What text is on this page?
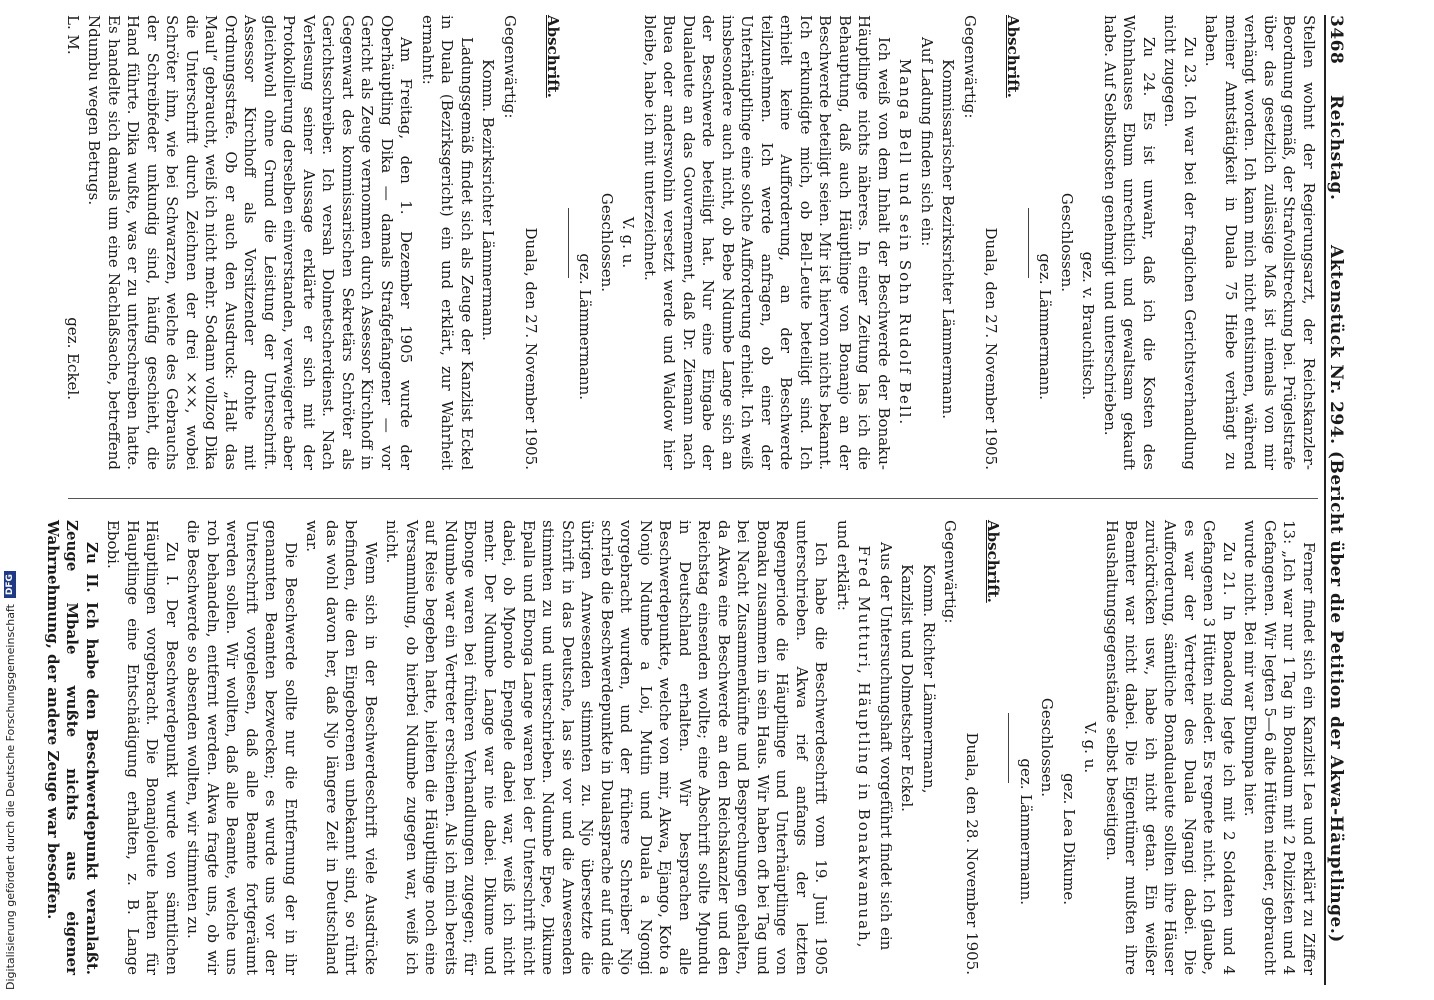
3468
Reichstag.
Aktenstück Nr. 294. (Bericht über die Petition der Akwa-Häuptlinge.)

Stellen wohnt der Regierungsarzt, der Reichskanzler-Beordnung gemäß, der Strafvollstreckung bei. Prügelstrafe über das gesetzlich zulässige Maß ist niemals von mir verhängt worden. Ich kann mich nicht entsinnen, während meiner Amtstätigkeit in Duala 75 Hiebe verhängt zu haben.

Zu 23. Ich war bei der fraglichen Gerichtsverhandlung nicht zugegen.

Zu 24. Es ist unwahr, daß ich die Kosten des Wohnhauses Ebum unrechtlich und gewaltsam gekauft habe. Auf Selbstkosten genehmigt und unterschrieben.

gez. v. Brauchitsch.

Geschlossen.

gez. Lämmermann.

Abschrift.

Duala, den 27. November 1905.

Gegenwärtig:

Kommissarischer Bezirksrichter Lämmermann.

Auf Ladung finden sich ein:

Manga Bell und sein Sohn Rudolf Bell.

Ich weiß von dem Inhalt der Beschwerde der Bonaku-Häuptlinge nichts näheres. In einer Zeitung las ich die Behauptung, daß auch Häuptlinge von Bonanjo an der Beschwerde beteiligt seien. Mir ist hiervon nichts bekannt. Ich erkundigte mich, ob Bell-Leute beteiligt sind. Ich erhielt keine Aufforderung, an der Beschwerde teilzunehmen. Ich werde anfragen, ob einer der Unterhäuptlinge eine solche Aufforderung erhielt. Ich weiß insbesondere auch nicht, ob Bebe Ndumbe Lange sich an der Beschwerde beteiligt hat. Nur eine Eingabe der Dualaleute an das Gouvernement, daß Dr. Ziemann nach Buea oder anderswohin versetzt werde und Waldow hier bleibe, habe ich mit unterzeichnet.

V. g. u.

Geschlossen.

gez. Lämmermann.

Abschrift.

Duala, den 27. November 1905.

Gegenwärtig:

Komm. Bezirksrichter Lämmermann.

Ladungsgemäß findet sich als Zeuge der Kanzlist Eckel in Duala (Bezirksgericht) ein und erklärt, zur Wahrheit ermahnt:

Am Freitag, den 1. Dezember 1905 wurde der Oberhäuptling Dika — damals Strafgefangener — vor Gericht als Zeuge vernommen durch Assessor Kirchhoff in Gegenwart des kommissarischen Sekretärs Schröter als Gerichtsschreiber. Ich versah Dolmetscherdienst. Nach Verlesung seiner Aussage erklärte er sich mit der Protokollierung derselben einverstanden, verweigerte aber gleichwohl ohne Grund die Leistung der Unterschrift. Assessor Kirchhoff als Vorsitzender drohte mit Ordnungsstrafe. Ob er auch den Ausdruck: „Halt das Maul“ gebraucht, weiß ich nicht mehr. Sodann vollzog Dika die Unterschrift durch Zeichnen der drei ×××, wobei Schröter ihm, wie bei Schwarzen, welche des Gebrauchs der Schreibfeder unkundig sind, häufig geschieht, die Hand führte. Dika wußte, was er zu unterschreiben hatte. Es handelte sich damals um eine Nachlaßsache, betreffend Ndumbu wegen Betrugs.

L. M.
gez. Eckel.

Ferner findet sich ein Kanzlist Lea und erklärt zu Ziffer 13: „Ich war nur 1 Tag in Bonadum mit 2 Polizisten und 4 Gefangenen. Wir legten 5—6 alte Hütten nieder, gebraucht wurde nicht. Bei mir war Ebumpa hier.

Zu 21. In Bonadong legte ich mit 2 Soldaten und 4 Gefangenen 3 Hütten nieder. Es regnete nicht. Ich glaube, es war der Vertreter des Duala Ngangi dabei. Die Aufforderung, sämtliche Bonadualeute sollten ihre Häuser zurückrücken usw., habe ich nicht getan. Ein weißer Beamter war nicht dabei. Die Eigentümer mußten ihre Haushaltungsgegenstände selbst beseitigen.

V. g. u.

gez. Lea Dikume.

Geschlossen.

gez. Lämmermann.

Abschrift.

Duala, den 28. November 1905.

Gegenwärtig:

Komm. Richter Lämmermann,

Kanzlist und Dolmetscher Eckel.

Aus der Untersuchungshaft vorgeführt findet sich ein

Fred Mutturi, Häuptling in Bonakwamuah,

und erklärt:

Ich habe die Beschwerdeschrift vom 19. Juni 1905 unterschrieben. Akwa rief anfangs der letzten Regenperiode die Häuptlinge und Unterhäuptlinge von Bonaku zusammen in sein Haus. Wir haben oft bei Tag und bei Nacht Zusammenkünfte und Besprechungen gehalten, da Akwa eine Beschwerde an den Reichskanzler und den Reichstag einsenden wollte; eine Abschrift sollte Mpundu in Deutschland erhalten. Wir besprachen alle Beschwerdepunkte, welche von mir, Akwa, Ejango, Koto a Nonjo Ndumbe a Loi, Mutin und Duala a Ngongi vorgebracht wurden, und der frühere Schreiber Njo schrieb die Beschwerdepunkte in Dualasprache auf und die übrigen Anwesenden stimmten zu. Njo übersetzte die Schrift in das Deutsche, las sie vor und die Anwesenden stimmten zu und unterschrieben. Ndumbe Epee, Dikume Epalla und Ebonga Lange waren bei der Unterschrift nicht dabei, ob Mpondo Epengele dabei war, weiß ich nicht mehr. Der Ndumbe Lange war nie dabei. Dikume und Ebonge waren bei früheren Verhandlungen zugegen; für Ndumbe war ein Vertreter erschienen. Als ich mich bereits auf Reise begeben hatte, hielten die Häuptlinge noch eine Versammlung, ob hierbei Ndumbe zugegen war, weiß ich nicht.

Wenn sich in der Beschwerdeschrift viele Ausdrücke befinden, die den Eingeborenen unbekannt sind, so rührt das wohl davon her, daß Njo längere Zeit in Deutschland war.

Die Beschwerde sollte nur die Entfernung der in ihr genannten Beamten bezwecken; es wurde uns vor der Unterschrift vorgelesen, daß alle Beamte fortgeräumt werden sollen. Wir wollten, daß alle Beamte, welche uns roh behandeln, entfernt werden. Akwa fragte uns, ob wir die Beschwerde so absenden wollten, wir stimmten zu.

Zu I. Der Beschwerdepunkt wurde von sämtlichen Häuptlingen vorgebracht. Die Bonanjoleute hatten für Hauptlinge eine Entschädigung erhalten, z. B. Lange Ebobi.

Zu II. Ich habe den Beschwerdepunkt veranlaßt. Zeuge Mbale wußte nichts aus eigener Wahrnehmung, der andere Zeuge war besoffen.

Digitalisierung gefördert durch die Deutsche Forschungsgemeinschaft
DFG
